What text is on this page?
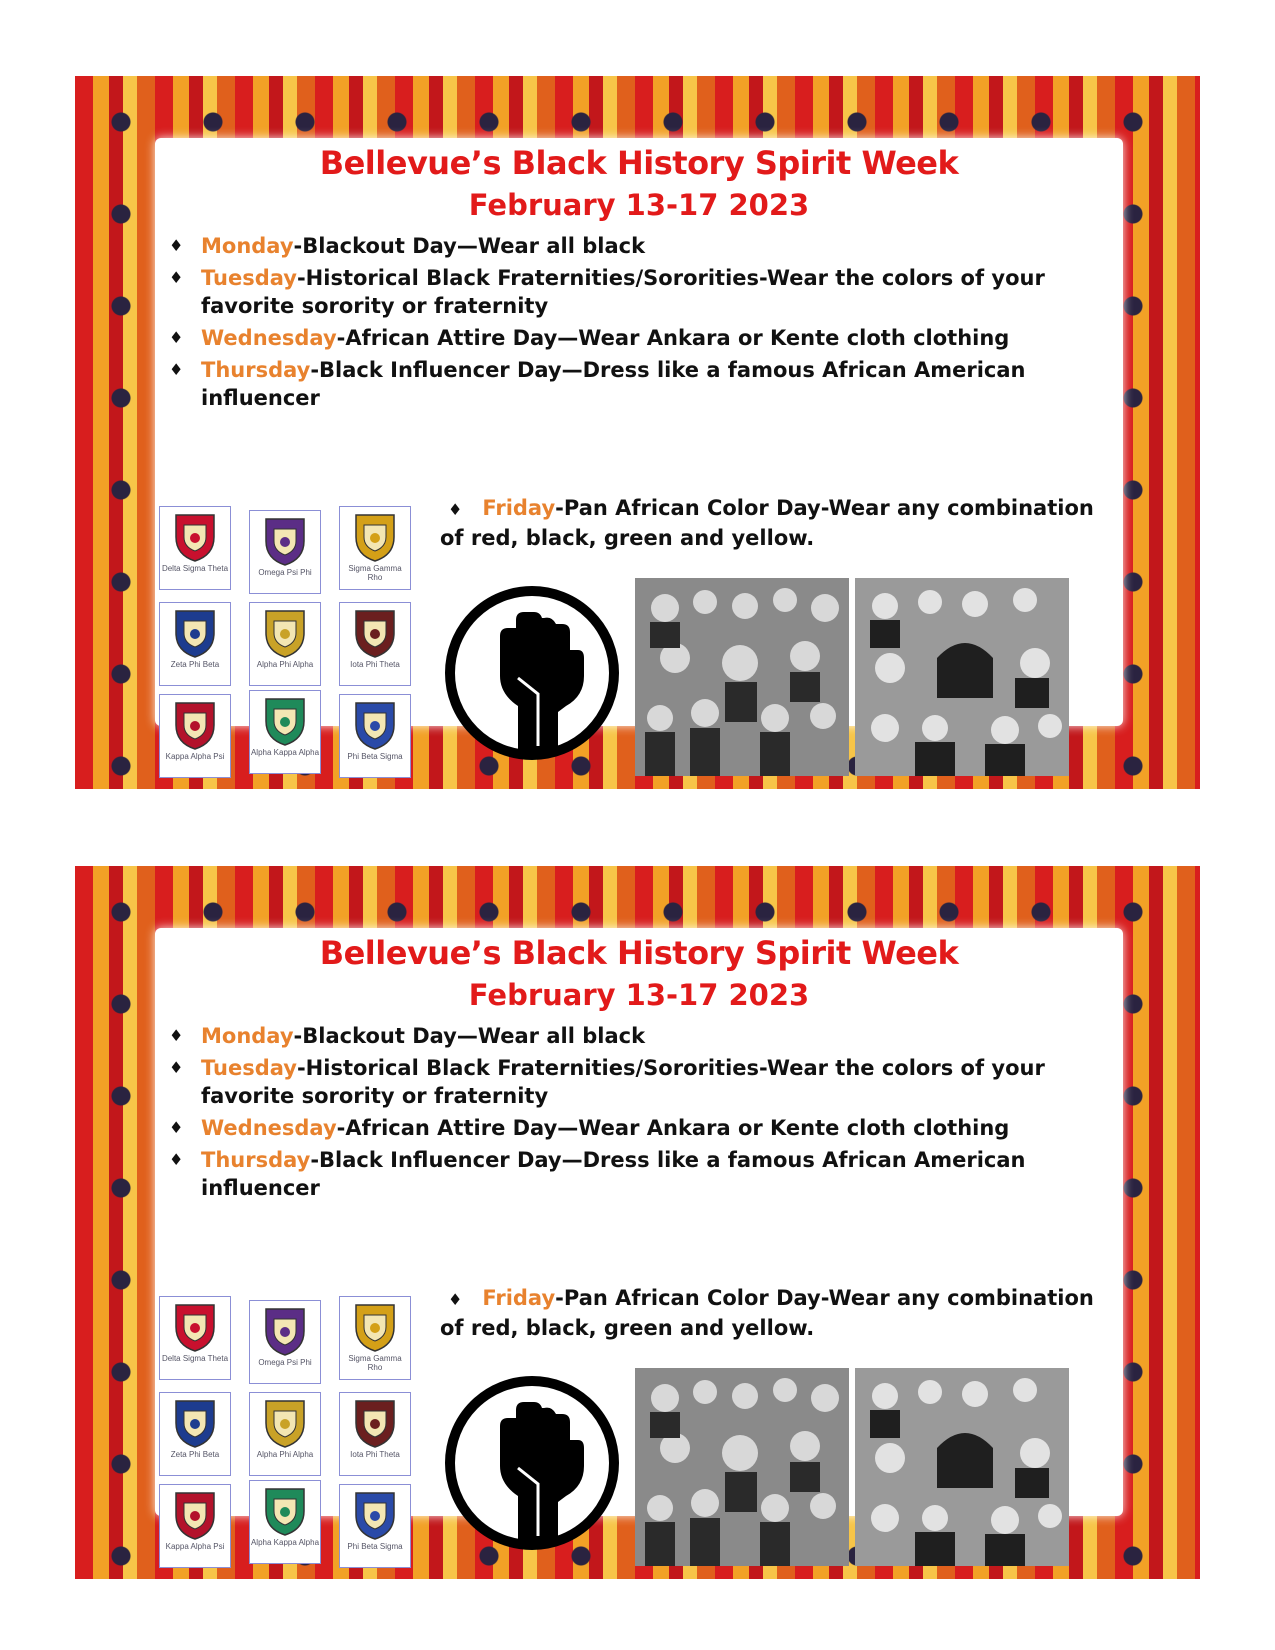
Bellevue’s Black History Spirit Week
February 13-17 2023
♦ Monday-Blackout Day—Wear all black
♦ Tuesday-Historical Black Fraternities/Sororities-Wear the colors of your favorite sorority or fraternity
♦ Wednesday-African Attire Day—Wear Ankara or Kente cloth clothing
♦ Thursday-Black Influencer Day—Dress like a famous African American influencer
♦ Friday-Pan African Color Day-Wear any combination of red, black, green and yellow.
Delta Sigma Theta	Omega Psi Phi	Sigma Gamma Rho
Zeta Phi Beta	Alpha Phi Alpha	Iota Phi Theta
Kappa Alpha Psi	Alpha Kappa Alpha	Phi Beta Sigma
Bellevue’s Black History Spirit Week
February 13-17 2023
♦ Monday-Blackout Day—Wear all black
♦ Tuesday-Historical Black Fraternities/Sororities-Wear the colors of your favorite sorority or fraternity
♦ Wednesday-African Attire Day—Wear Ankara or Kente cloth clothing
♦ Thursday-Black Influencer Day—Dress like a famous African American influencer
♦ Friday-Pan African Color Day-Wear any combination of red, black, green and yellow.
Delta Sigma Theta	Omega Psi Phi	Sigma Gamma Rho
Zeta Phi Beta	Alpha Phi Alpha	Iota Phi Theta
Kappa Alpha Psi	Alpha Kappa Alpha	Phi Beta Sigma
